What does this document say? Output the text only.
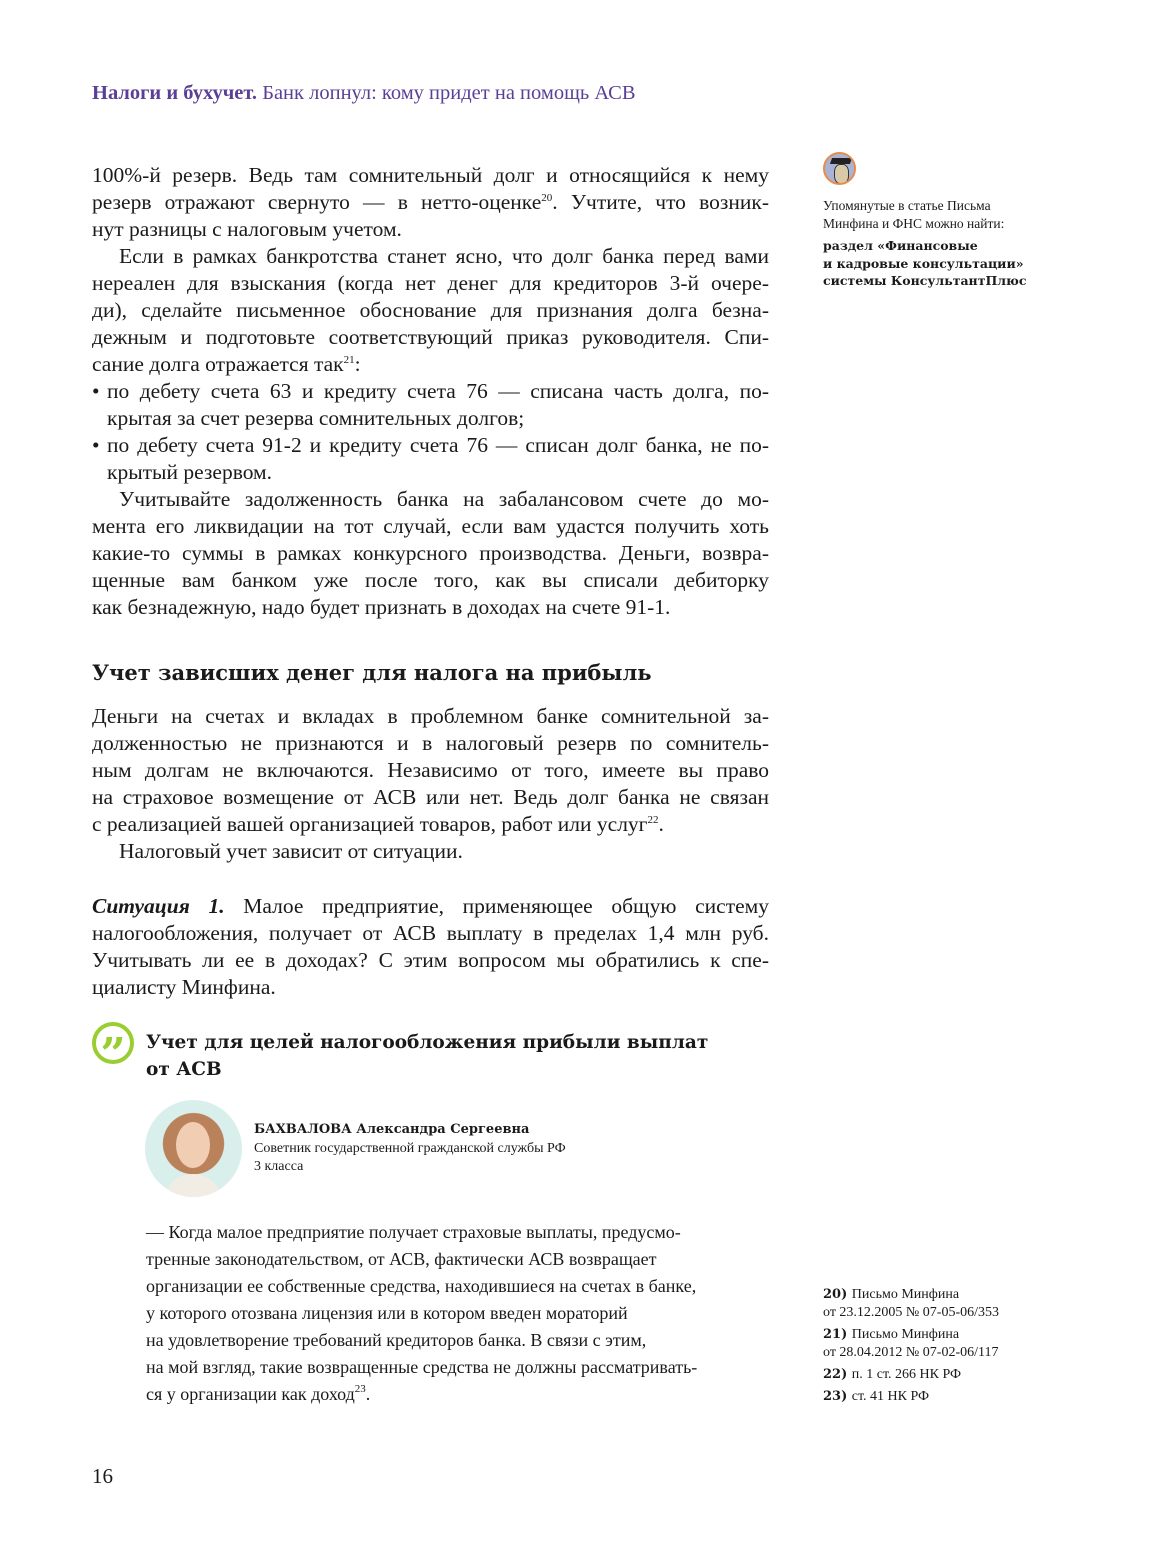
Налоги и бухучет. Банк лопнул: кому придет на помощь АСВ
100%-й резерв. Ведь там сомнительный долг и относящийся к нему
резерв отражают свернуто — в нетто-оценке$^{20}$. Учтите, что возник-
нут разницы с налоговым учетом.
Если в рамках банкротства станет ясно, что долг банка перед вами
нереален для взыскания (когда нет денег для кредиторов 3-й очере-
ди), сделайте письменное обоснование для признания долга безна-
дежным и подготовьте соответствующий приказ руководителя. Спи-
сание долга отражается так$^{21}$:
• по дебету счета 63 и кредиту счета 76 — списана часть долга, по-
крытая за счет резерва сомнительных долгов;
• по дебету счета 91-2 и кредиту счета 76 — списан долг банка, не по-
крытый резервом.
Учитывайте задолженность банка на забалансовом счете до мо-
мента его ликвидации на тот случай, если вам удастся получить хоть
какие-то суммы в рамках конкурсного производства. Деньги, возвра-
щенные вам банком уже после того, как вы списали дебиторку
как безнадежную, надо будет признать в доходах на счете 91-1.
Учет зависших денег для налога на прибыль
Деньги на счетах и вкладах в проблемном банке сомнительной за-
долженностью не признаются и в налоговый резерв по сомнитель-
ным долгам не включаются. Независимо от того, имеете вы право
на страховое возмещение от АСВ или нет. Ведь долг банка не связан
с реализацией вашей организацией товаров, работ или услуг$^{22}$.
Налоговый учет зависит от ситуации.
Ситуация 1. Малое предприятие, применяющее общую систему
налогообложения, получает от АСВ выплату в пределах 1,4 млн руб.
Учитывать ли ее в доходах? С этим вопросом мы обратились к спе-
циалисту Минфина.
”	Учет для целей налогообложения прибыли выплат
от АСВ
БАХВАЛОВА Александра Сергеевна
Советник государственной гражданской службы РФ
3 класса
— Когда малое предприятие получает страховые выплаты, предусмо-
тренные законодательством, от АСВ, фактически АСВ возвращает
организации ее собственные средства, находившиеся на счетах в банке,
у которого отозвана лицензия или в котором введен мораторий
на удовлетворение требований кредиторов банка. В связи с этим,
на мой взгляд, такие возвращенные средства не должны рассматривать-
ся у организации как доход$^{23}$.
Упомянутые в статье Письма
Минфина и ФНС можно найти:
раздел «Финансовые
и кадровые консультации»
системы КонсультантПлюс
20) Письмо Минфина
от 23.12.2005 № 07-05-06/353
21) Письмо Минфина
от 28.04.2012 № 07-02-06/117
22) п. 1 ст. 266 НК РФ
23) ст. 41 НК РФ
16
